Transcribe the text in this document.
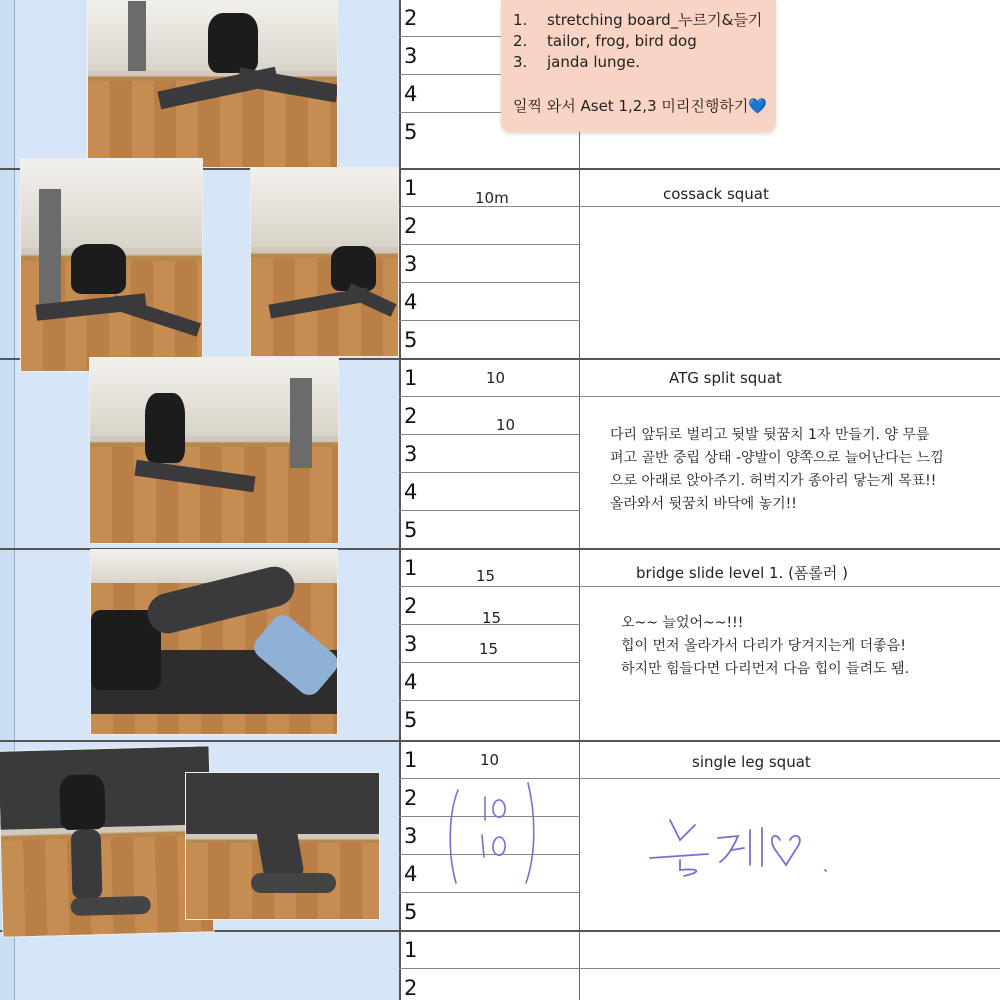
2
3
4
5
1
2
3
4
5
1
2
3
4
5
1
2
3
4
5
1
2
3
4
5
1
2
1. stretching board_누르기&들기
2. tailor, frog, bird dog
3. janda lunge.
일찍 와서 Aset 1,2,3 미리진행하기💙
10m	cossack squat
10
10
ATG split squat
다리 앞뒤로 벌리고 뒷발 뒷꿈치 1자 만들기. 양 무릎
펴고 골반 중립 상태 -양발이 양쪽으로 늘어난다는 느낌
으로 아래로 앉아주기. 허벅지가 종아리 닿는게 목표!!
올라와서 뒷꿈치 바닥에 놓기!!
15
15
15
bridge slide level 1. (폼롤러 )
오~~ 늘었어~~!!!
힙이 먼저 올라가서 다리가 당겨지는게 더좋음!
하지만 힘들다면 다리먼저 다음 힙이 들려도 됌.
10	single leg squat
